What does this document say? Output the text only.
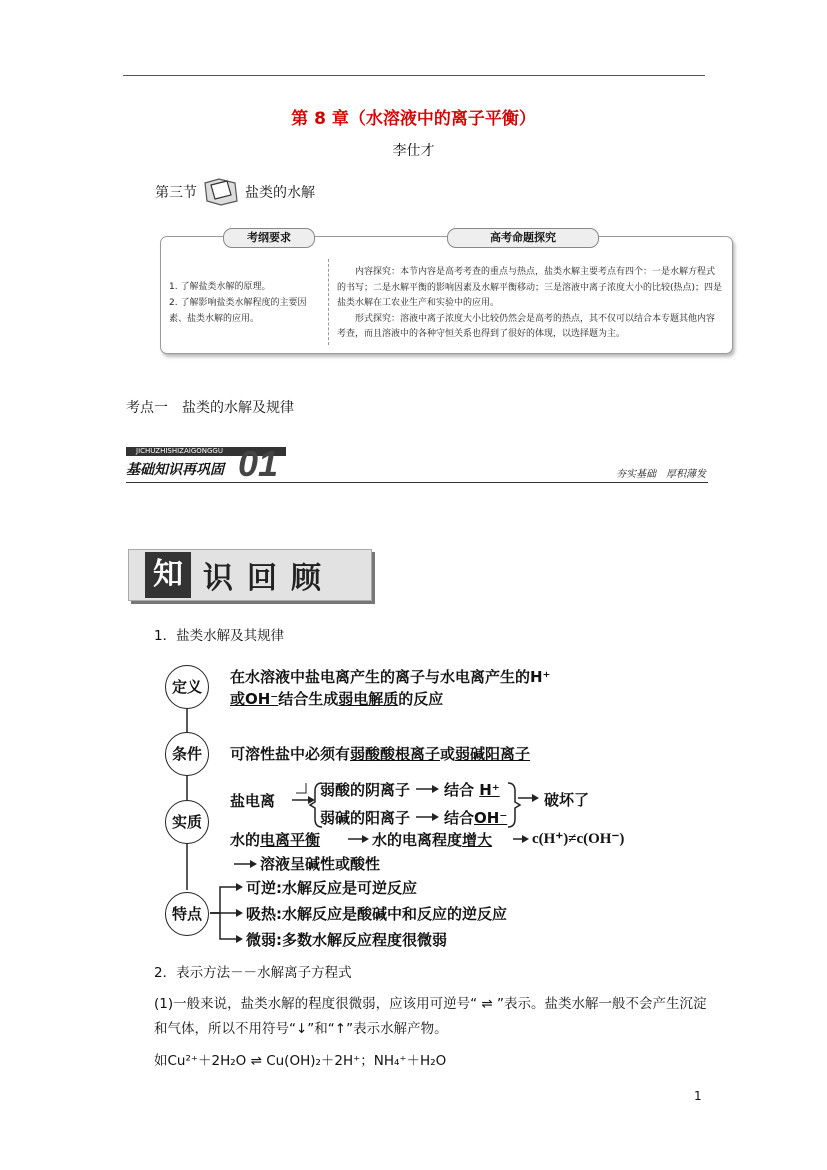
第 8 章（水溶液中的离子平衡）
李仕才
第三节	盐类的水解
考纲要求	高考命题探究
1. 了解盐类水解的原理。
2. 了解影响盐类水解程度的主要因素、盐类水解的应用。
内容探究：本节内容是高考考查的重点与热点，盐类水解主要考点有四个：一是水解方程式的书写；二是水解平衡的影响因素及水解平衡移动；三是溶液中离子浓度大小的比较(热点)；四是盐类水解在工农业生产和实验中的应用。
形式探究：溶液中离子浓度大小比较仍然会是高考的热点，其不仅可以结合本专题其他内容考查，而且溶液中的各种守恒关系也得到了很好的体现，以选择题为主。
考点一　盐类的水解及规律
JICHUZHISHIZAIGONGGU
基础知识再巩固 01	夯实基础　厚积薄发
知 识回顾
1．盐类水解及其规律
定义
条件
实质
特点
在水溶液中盐电离产生的离子与水电离产生的H⁺
或OH⁻结合生成弱电解质的反应
可溶性盐中必须有弱酸酸根离子或弱碱阳离子
盐电离
弱酸的阴离子 结合 H⁺
弱碱的阳离子 结合OH⁻
破坏了
水的电离平衡	水的电离程度增大	c(H⁺)≠c(OH⁻)
溶液呈碱性或酸性
可逆:水解反应是可逆反应
吸热:水解反应是酸碱中和反应的逆反应
微弱:多数水解反应程度很微弱
2．表示方法－－水解离子方程式
(1)一般来说，盐类水解的程度很微弱，应该用可逆号“ ⇌ ”表示。盐类水解一般不会产生沉淀和气体，所以不用符号“↓”和“↑”表示水解产物。
如Cu²⁺＋2H₂O ⇌ Cu(OH)₂＋2H⁺；NH₄⁺＋H₂O
1
